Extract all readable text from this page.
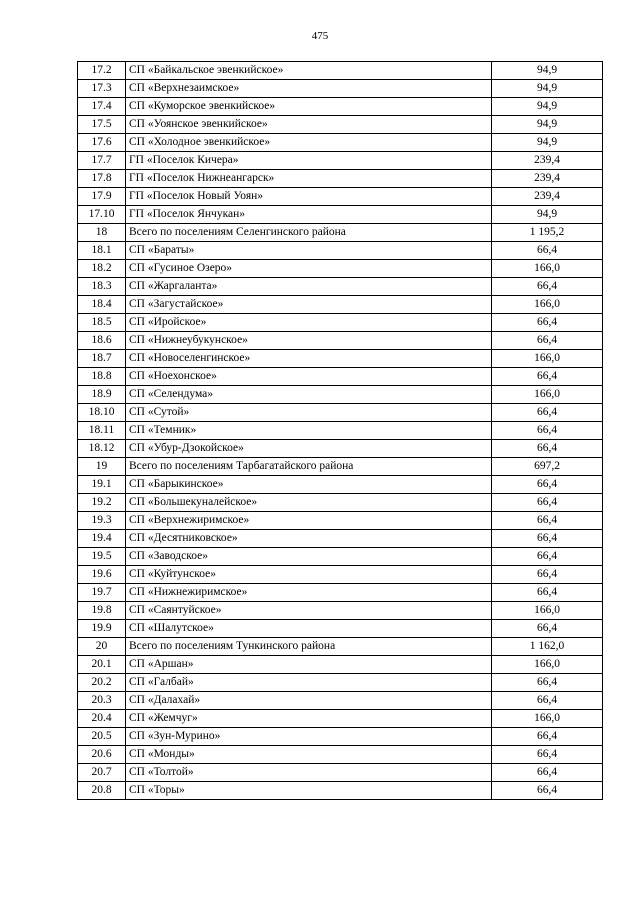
475
17.2	СП «Байкальское эвенкийское»	94,9
17.3	СП «Верхнезаимское»	94,9
17.4	СП «Куморское эвенкийское»	94,9
17.5	СП «Уоянское эвенкийское»	94,9
17.6	СП «Холодное эвенкийское»	94,9
17.7	ГП «Поселок Кичера»	239,4
17.8	ГП «Поселок Нижнеангарск»	239,4
17.9	ГП «Поселок Новый Уоян»	239,4
17.10	ГП «Поселок Янчукан»	94,9
18	Всего по поселениям Селенгинского района	1 195,2
18.1	СП «Бараты»	66,4
18.2	СП «Гусиное Озеро»	166,0
18.3	СП «Жаргаланта»	66,4
18.4	СП «Загустайское»	166,0
18.5	СП «Иройское»	66,4
18.6	СП «Нижнеубукунское»	66,4
18.7	СП «Новоселенгинское»	166,0
18.8	СП «Ноехонское»	66,4
18.9	СП «Селендума»	166,0
18.10	СП «Сутой»	66,4
18.11	СП «Темник»	66,4
18.12	СП «Убур-Дзокойское»	66,4
19	Всего по поселениям Тарбагатайского района	697,2
19.1	СП «Барыкинское»	66,4
19.2	СП «Большекуналейское»	66,4
19.3	СП «Верхнежиримское»	66,4
19.4	СП «Десятниковское»	66,4
19.5	СП «Заводское»	66,4
19.6	СП «Куйтунское»	66,4
19.7	СП «Нижнежиримское»	66,4
19.8	СП «Саянтуйское»	166,0
19.9	СП «Шалутское»	66,4
20	Всего по поселениям Тункинского района	1 162,0
20.1	СП «Аршан»	166,0
20.2	СП «Галбай»	66,4
20.3	СП «Далахай»	66,4
20.4	СП «Жемчуг»	166,0
20.5	СП «Зун-Мурино»	66,4
20.6	СП «Монды»	66,4
20.7	СП «Толтой»	66,4
20.8	СП «Торы»	66,4
